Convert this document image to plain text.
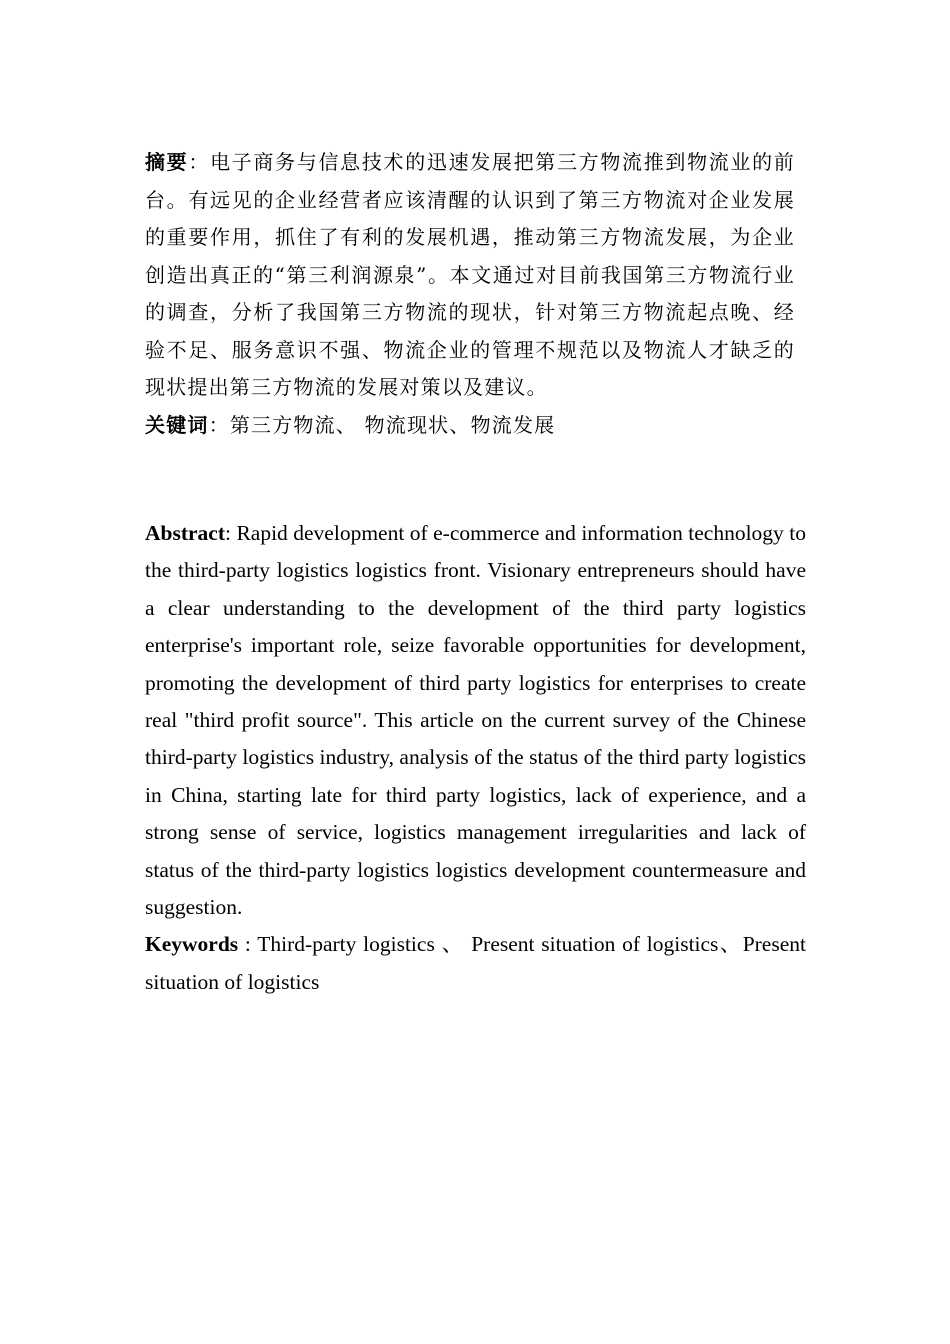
摘要：电子商务与信息技术的迅速发展把第三方物流推到物流业的前台。有远见的企业经营者应该清醒的认识到了第三方物流对企业发展的重要作用，抓住了有利的发展机遇，推动第三方物流发展，为企业创造出真正的“第三利润源泉”。本文通过对目前我国第三方物流行业的调查，分析了我国第三方物流的现状，针对第三方物流起点晚、经验不足、服务意识不强、物流企业的管理不规范以及物流人才缺乏的现状提出第三方物流的发展对策以及建议。

关键词：第三方物流、 物流现状、物流发展

Abstract: Rapid development of e-commerce and information technology to the third-party logistics logistics front. Visionary entrepreneurs should have a clear understanding to the development of the third party logistics enterprise's important role, seize favorable opportunities for development, promoting the development of third party logistics for enterprises to create real "third profit source". This article on the current survey of the Chinese third-party logistics industry, analysis of the status of the third party logistics in China, starting late for third party logistics, lack of experience, and a strong sense of service, logistics management irregularities and lack of status of the third-party logistics logistics development countermeasure and suggestion.

Keywords : Third-party logistics 、 Present situation of logistics、Present situation of logistics
